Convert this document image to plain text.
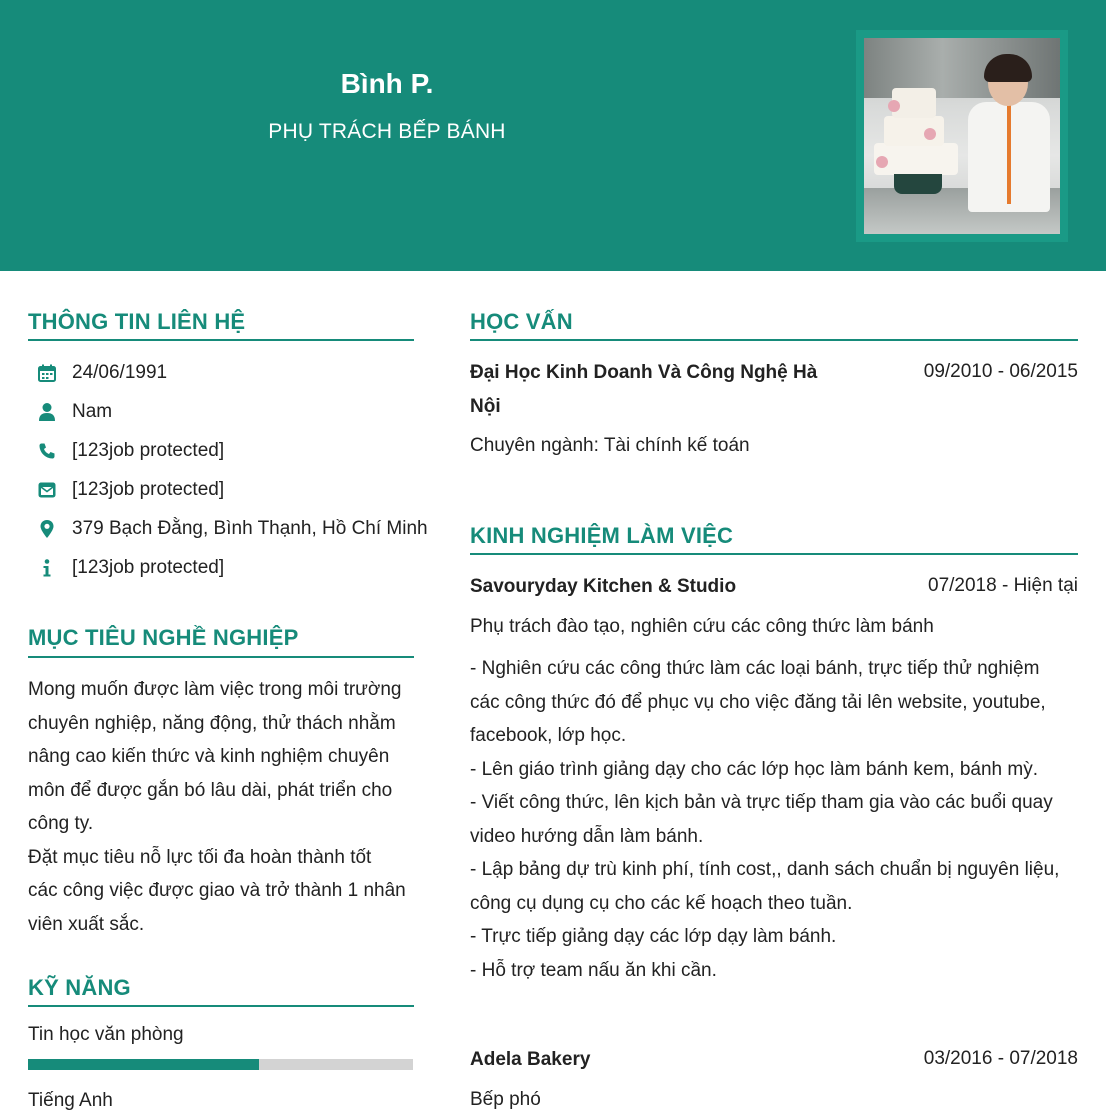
Bình P.
PHỤ TRÁCH BẾP BÁNH
THÔNG TIN LIÊN HỆ
24/06/1991
Nam
[123job protected]
[123job protected]
379 Bạch Đằng, Bình Thạnh, Hồ Chí Minh
[123job protected]
MỤC TIÊU NGHỀ NGHIỆP
Mong muốn được làm việc trong môi trường
chuyên nghiệp, năng động, thử thách nhằm
nâng cao kiến thức và kinh nghiệm chuyên
môn để được gắn bó lâu dài, phát triển cho
công ty.
Đặt mục tiêu nỗ lực tối đa hoàn thành tốt
các công việc được giao và trở thành 1 nhân
viên xuất sắc.
KỸ NĂNG
Tin học văn phòng
Tiếng Anh
HỌC VẤN
Đại Học Kinh Doanh Và Công Nghệ Hà
Nội
09/2010 - 06/2015
Chuyên ngành: Tài chính kế toán
KINH NGHIỆM LÀM VIỆC
Savouryday Kitchen & Studio	07/2018 - Hiện tại
Phụ trách đào tạo, nghiên cứu các công thức làm bánh
- Nghiên cứu các công thức làm các loại bánh, trực tiếp thử nghiệm
các công thức đó để phục vụ cho việc đăng tải lên website, youtube,
facebook, lớp học.
- Lên giáo trình giảng dạy cho các lớp học làm bánh kem, bánh mỳ.
- Viết công thức, lên kịch bản và trực tiếp tham gia vào các buổi quay
video hướng dẫn làm bánh.
- Lập bảng dự trù kinh phí, tính cost,, danh sách chuẩn bị nguyên liệu,
công cụ dụng cụ cho các kế hoạch theo tuần.
- Trực tiếp giảng dạy các lớp dạy làm bánh.
- Hỗ trợ team nấu ăn khi cần.
Adela Bakery	03/2016 - 07/2018
Bếp phó
